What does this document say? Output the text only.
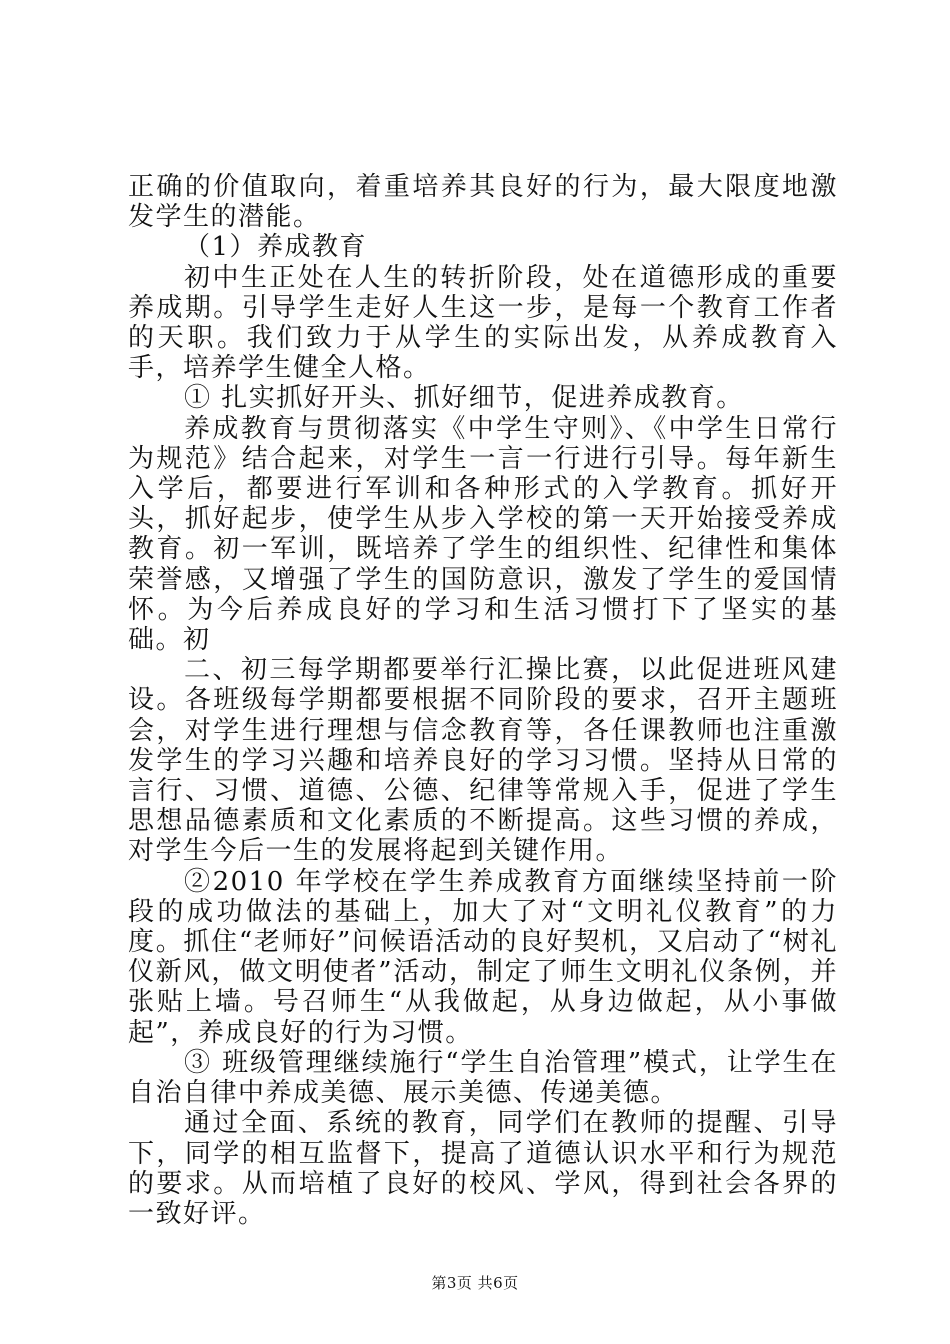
正确的价值取向，着重培养其良好的行为，最大限度地激发学生的潜能。

（1）养成教育

初中生正处在人生的转折阶段，处在道德形成的重要养成期。引导学生走好人生这一步，是每一个教育工作者的天职。我们致力于从学生的实际出发，从养成教育入手，培养学生健全人格。

① 扎实抓好开头、抓好细节，促进养成教育。

养成教育与贯彻落实《中学生守则》、《中学生日常行为规范》结合起来，对学生一言一行进行引导。每年新生入学后，都要进行军训和各种形式的入学教育。抓好开头，抓好起步，使学生从步入学校的第一天开始接受养成教育。初一军训，既培养了学生的组织性、纪律性和集体荣誉感，又增强了学生的国防意识，激发了学生的爱国情怀。为今后养成良好的学习和生活习惯打下了坚实的基础。初

二、初三每学期都要举行汇操比赛，以此促进班风建设。各班级每学期都要根据不同阶段的要求，召开主题班会，对学生进行理想与信念教育等，各任课教师也注重激发学生的学习兴趣和培养良好的学习习惯。坚持从日常的言行、习惯、道德、公德、纪律等常规入手，促进了学生思想品德素质和文化素质的不断提高。这些习惯的养成，对学生今后一生的发展将起到关键作用。

②2010 年学校在学生养成教育方面继续坚持前一阶段的成功做法的基础上，加大了对“文明礼仪教育”的力度。抓住“老师好”问候语活动的良好契机，又启动了“树礼仪新风，做文明使者”活动，制定了师生文明礼仪条例，并张贴上墙。号召师生“从我做起，从身边做起，从小事做起”，养成良好的行为习惯。

③ 班级管理继续施行“学生自治管理”模式，让学生在自治自律中养成美德、展示美德、传递美德。

通过全面、系统的教育，同学们在教师的提醒、引导下，同学的相互监督下，提高了道德认识水平和行为规范的要求。从而培植了良好的校风、学风，得到社会各界的一致好评。

第3页 共6页
